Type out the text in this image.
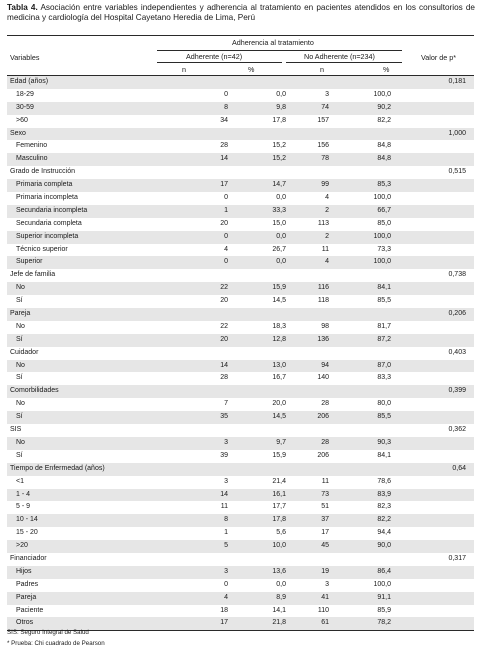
Tabla 4. Asociación entre variables independientes y adherencia al tratamiento en pacientes atendidos en los consultorios de medicina y cardiología del Hospital Cayetano Heredia de Lima, Perú
Adherencia al tratamiento
Adherente (n=42)	No Adherente (n=234)
Variables	Valor de p*
n	%	n	%
Edad (años)	0,181
18-29	0	0,0	3	100,0
30-59	8	9,8	74	90,2
>60	34	17,8	157	82,2
Sexo	1,000
Femenino	28	15,2	156	84,8
Masculino	14	15,2	78	84,8
Grado de Instrucción	0,515
Primaria completa	17	14,7	99	85,3
Primaria incompleta	0	0,0	4	100,0
Secundaria incompleta	1	33,3	2	66,7
Secundaria completa	20	15,0	113	85,0
Superior incompleta	0	0,0	2	100,0
Técnico superior	4	26,7	11	73,3
Superior	0	0,0	4	100,0
Jefe de familia	0,738
No	22	15,9	116	84,1
Sí	20	14,5	118	85,5
Pareja	0,206
No	22	18,3	98	81,7
Sí	20	12,8	136	87,2
Cuidador	0,403
No	14	13,0	94	87,0
Sí	28	16,7	140	83,3
Comorbilidades	0,399
No	7	20,0	28	80,0
Sí	35	14,5	206	85,5
SIS	0,362
No	3	9,7	28	90,3
Sí	39	15,9	206	84,1
Tiempo de Enfermedad (años)	0,64
<1	3	21,4	11	78,6
1 - 4	14	16,1	73	83,9
5 - 9	11	17,7	51	82,3
10 - 14	8	17,8	37	82,2
15 - 20	1	5,6	17	94,4
>20	5	10,0	45	90,0
Financiador	0,317
Hijos	3	13,6	19	86,4
Padres	0	0,0	3	100,0
Pareja	4	8,9	41	91,1
Paciente	18	14,1	110	85,9
Otros	17	21,8	61	78,2
SIS: Seguro Integral de Salud
* Prueba: Chi cuadrado de Pearson
